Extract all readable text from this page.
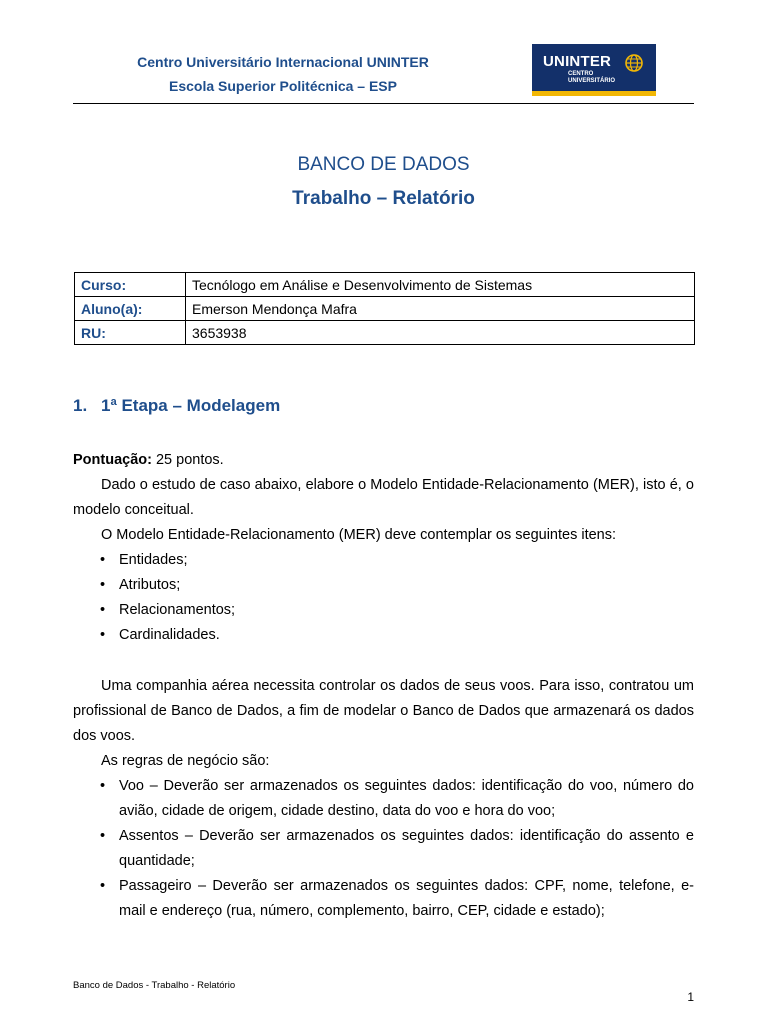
Centro Universitário Internacional UNINTER
Escola Superior Politécnica – ESP
UNINTER
CENTRO
UNIVERSITÁRIO
BANCO DE DADOS
Trabalho – Relatório
Curso:	Tecnólogo em Análise e Desenvolvimento de Sistemas
Aluno(a):	Emerson Mendonça Mafra
RU:	3653938
1. 1ª Etapa – Modelagem

Pontuação: 25 pontos.

Dado o estudo de caso abaixo, elabore o Modelo Entidade-Relacionamento (MER), isto é, o modelo conceitual.

O Modelo Entidade-Relacionamento (MER) deve contemplar os seguintes itens:

• Entidades;

• Atributos;

• Relacionamentos;

• Cardinalidades.

Uma companhia aérea necessita controlar os dados de seus voos. Para isso, contratou um profissional de Banco de Dados, a fim de modelar o Banco de Dados que armazenará os dados dos voos.

As regras de negócio são:

• Voo – Deverão ser armazenados os seguintes dados: identificação do voo, número do avião, cidade de origem, cidade destino, data do voo e hora do voo;

• Assentos – Deverão ser armazenados os seguintes dados: identificação do assento e quantidade;

• Passageiro – Deverão ser armazenados os seguintes dados: CPF, nome, telefone, e-mail e endereço (rua, número, complemento, bairro, CEP, cidade e estado);

Banco de Dados - Trabalho - Relatório
1
